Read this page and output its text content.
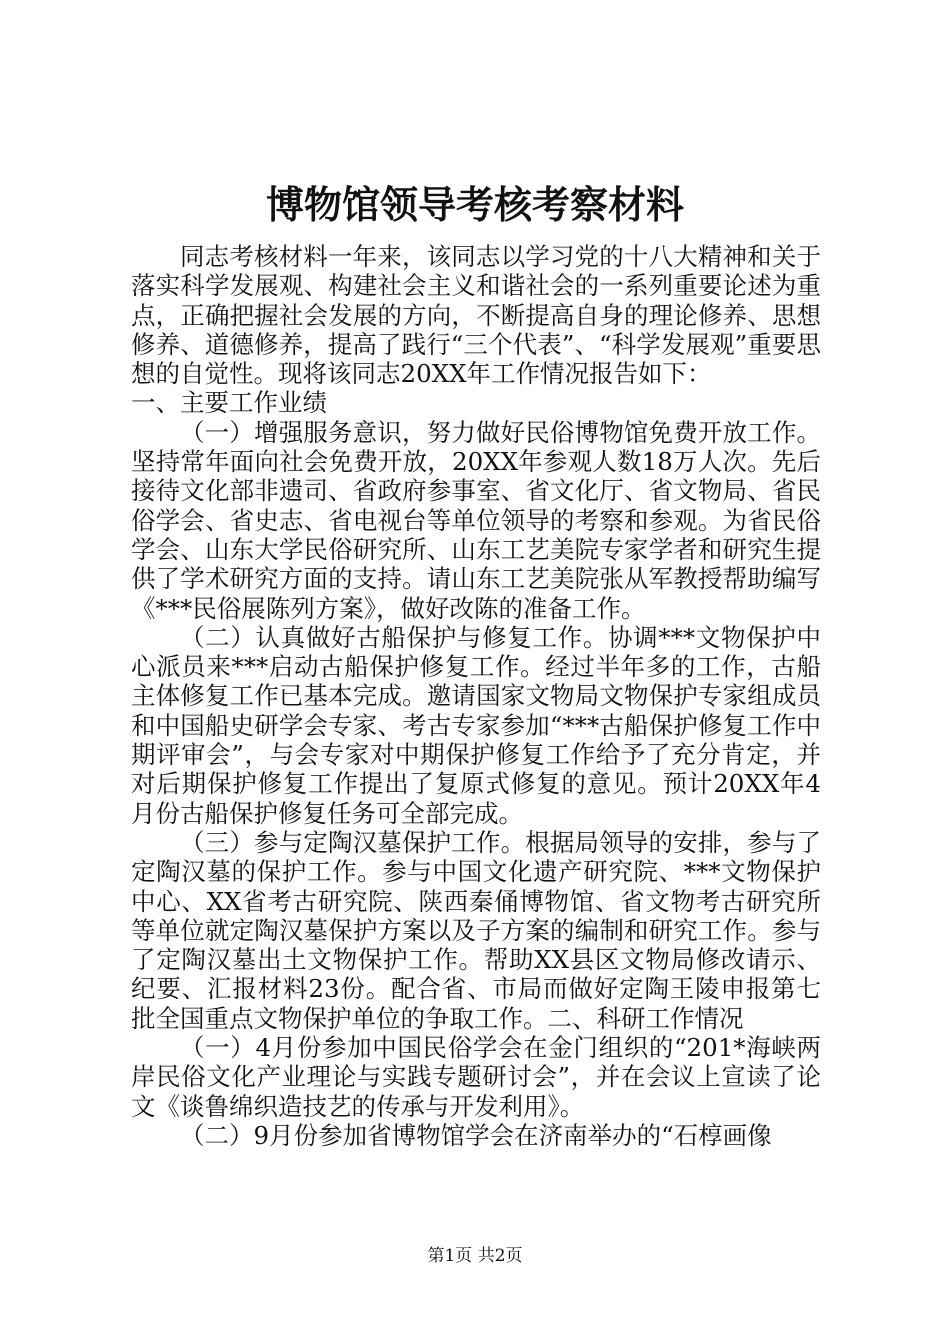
博物馆领导考核考察材料

同志考核材料一年来，该同志以学习党的十八大精神和关于落实科学发展观、构建社会主义和谐社会的一系列重要论述为重点，正确把握社会发展的方向，不断提高自身的理论修养、思想修养、道德修养，提高了践行“三个代表”、“科学发展观”重要思想的自觉性。现将该同志20XX年工作情况报告如下：

一、主要工作业绩

（一）增强服务意识，努力做好民俗博物馆免费开放工作。坚持常年面向社会免费开放，20XX年参观人数18万人次。先后接待文化部非遗司、省政府参事室、省文化厅、省文物局、省民俗学会、省史志、省电视台等单位领导的考察和参观。为省民俗学会、山东大学民俗研究所、山东工艺美院专家学者和研究生提供了学术研究方面的支持。请山东工艺美院张从军教授帮助编写《***民俗展陈列方案》，做好改陈的准备工作。

（二）认真做好古船保护与修复工作。协调***文物保护中心派员来***启动古船保护修复工作。经过半年多的工作，古船主体修复工作已基本完成。邀请国家文物局文物保护专家组成员和中国船史研学会专家、考古专家参加“***古船保护修复工作中期评审会”，与会专家对中期保护修复工作给予了充分肯定，并对后期保护修复工作提出了复原式修复的意见。预计20XX年4月份古船保护修复任务可全部完成。

（三）参与定陶汉墓保护工作。根据局领导的安排，参与了定陶汉墓的保护工作。参与中国文化遗产研究院、***文物保护中心、XX省考古研究院、陕西秦俑博物馆、省文物考古研究所等单位就定陶汉墓保护方案以及子方案的编制和研究工作。参与了定陶汉墓出土文物保护工作。帮助XX县区文物局修改请示、纪要、汇报材料23份。配合省、市局而做好定陶王陵申报第七批全国重点文物保护单位的争取工作。二、科研工作情况

（一）4月份参加中国民俗学会在金门组织的“201*海峡两岸民俗文化产业理论与实践专题研讨会”，并在会议上宣读了论文《谈鲁绵织造技艺的传承与开发利用》。

（二）9月份参加省博物馆学会在济南举办的“石椁画像

第1页 共2页
